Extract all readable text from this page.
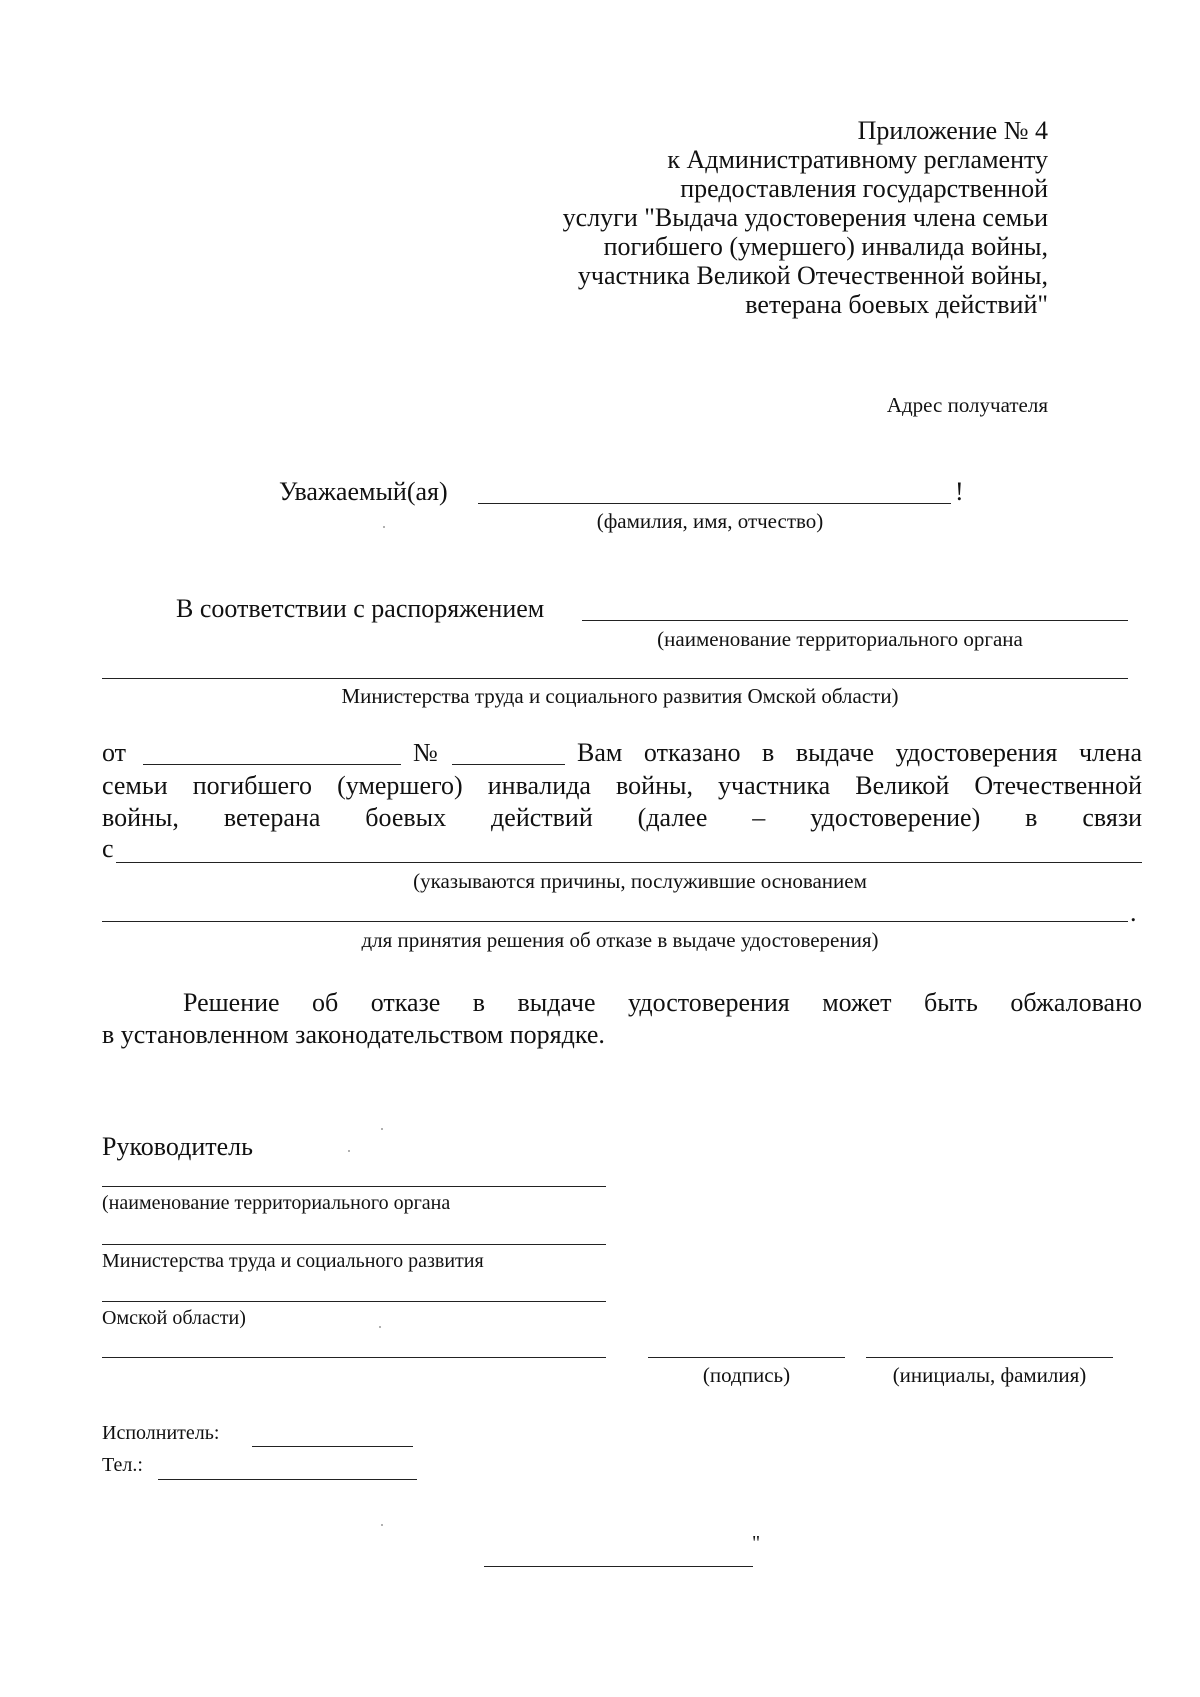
Приложение № 4
к Административному регламенту
предоставления государственной
услуги "Выдача удостоверения члена семьи
погибшего (умершего) инвалида войны,
участника Великой Отечественной войны,
ветерана боевых действий"
Адрес получателя
Уважаемый(ая)	!
(фамилия, имя, отчество)
В соответствии с распоряжением
(наименование территориального органа
Министерства труда и социального развития Омской области)
от	№	Вам отказано в выдаче удостоверения члена
семьи погибшего (умершего) инвалида войны, участника Великой Отечественной
войны, ветерана боевых действий (далее – удостоверение) в связи
с
(указываются причины, послужившие основанием
.
для принятия решения об отказе в выдаче удостоверения)
Решение об отказе в выдаче удостоверения может быть обжаловано
в установленном законодательством порядке.
Руководитель
(наименование территориального органа
Министерства труда и социального развития
Омской области)
(подпись)	(инициалы, фамилия)
Исполнитель:
Тел.:
"
